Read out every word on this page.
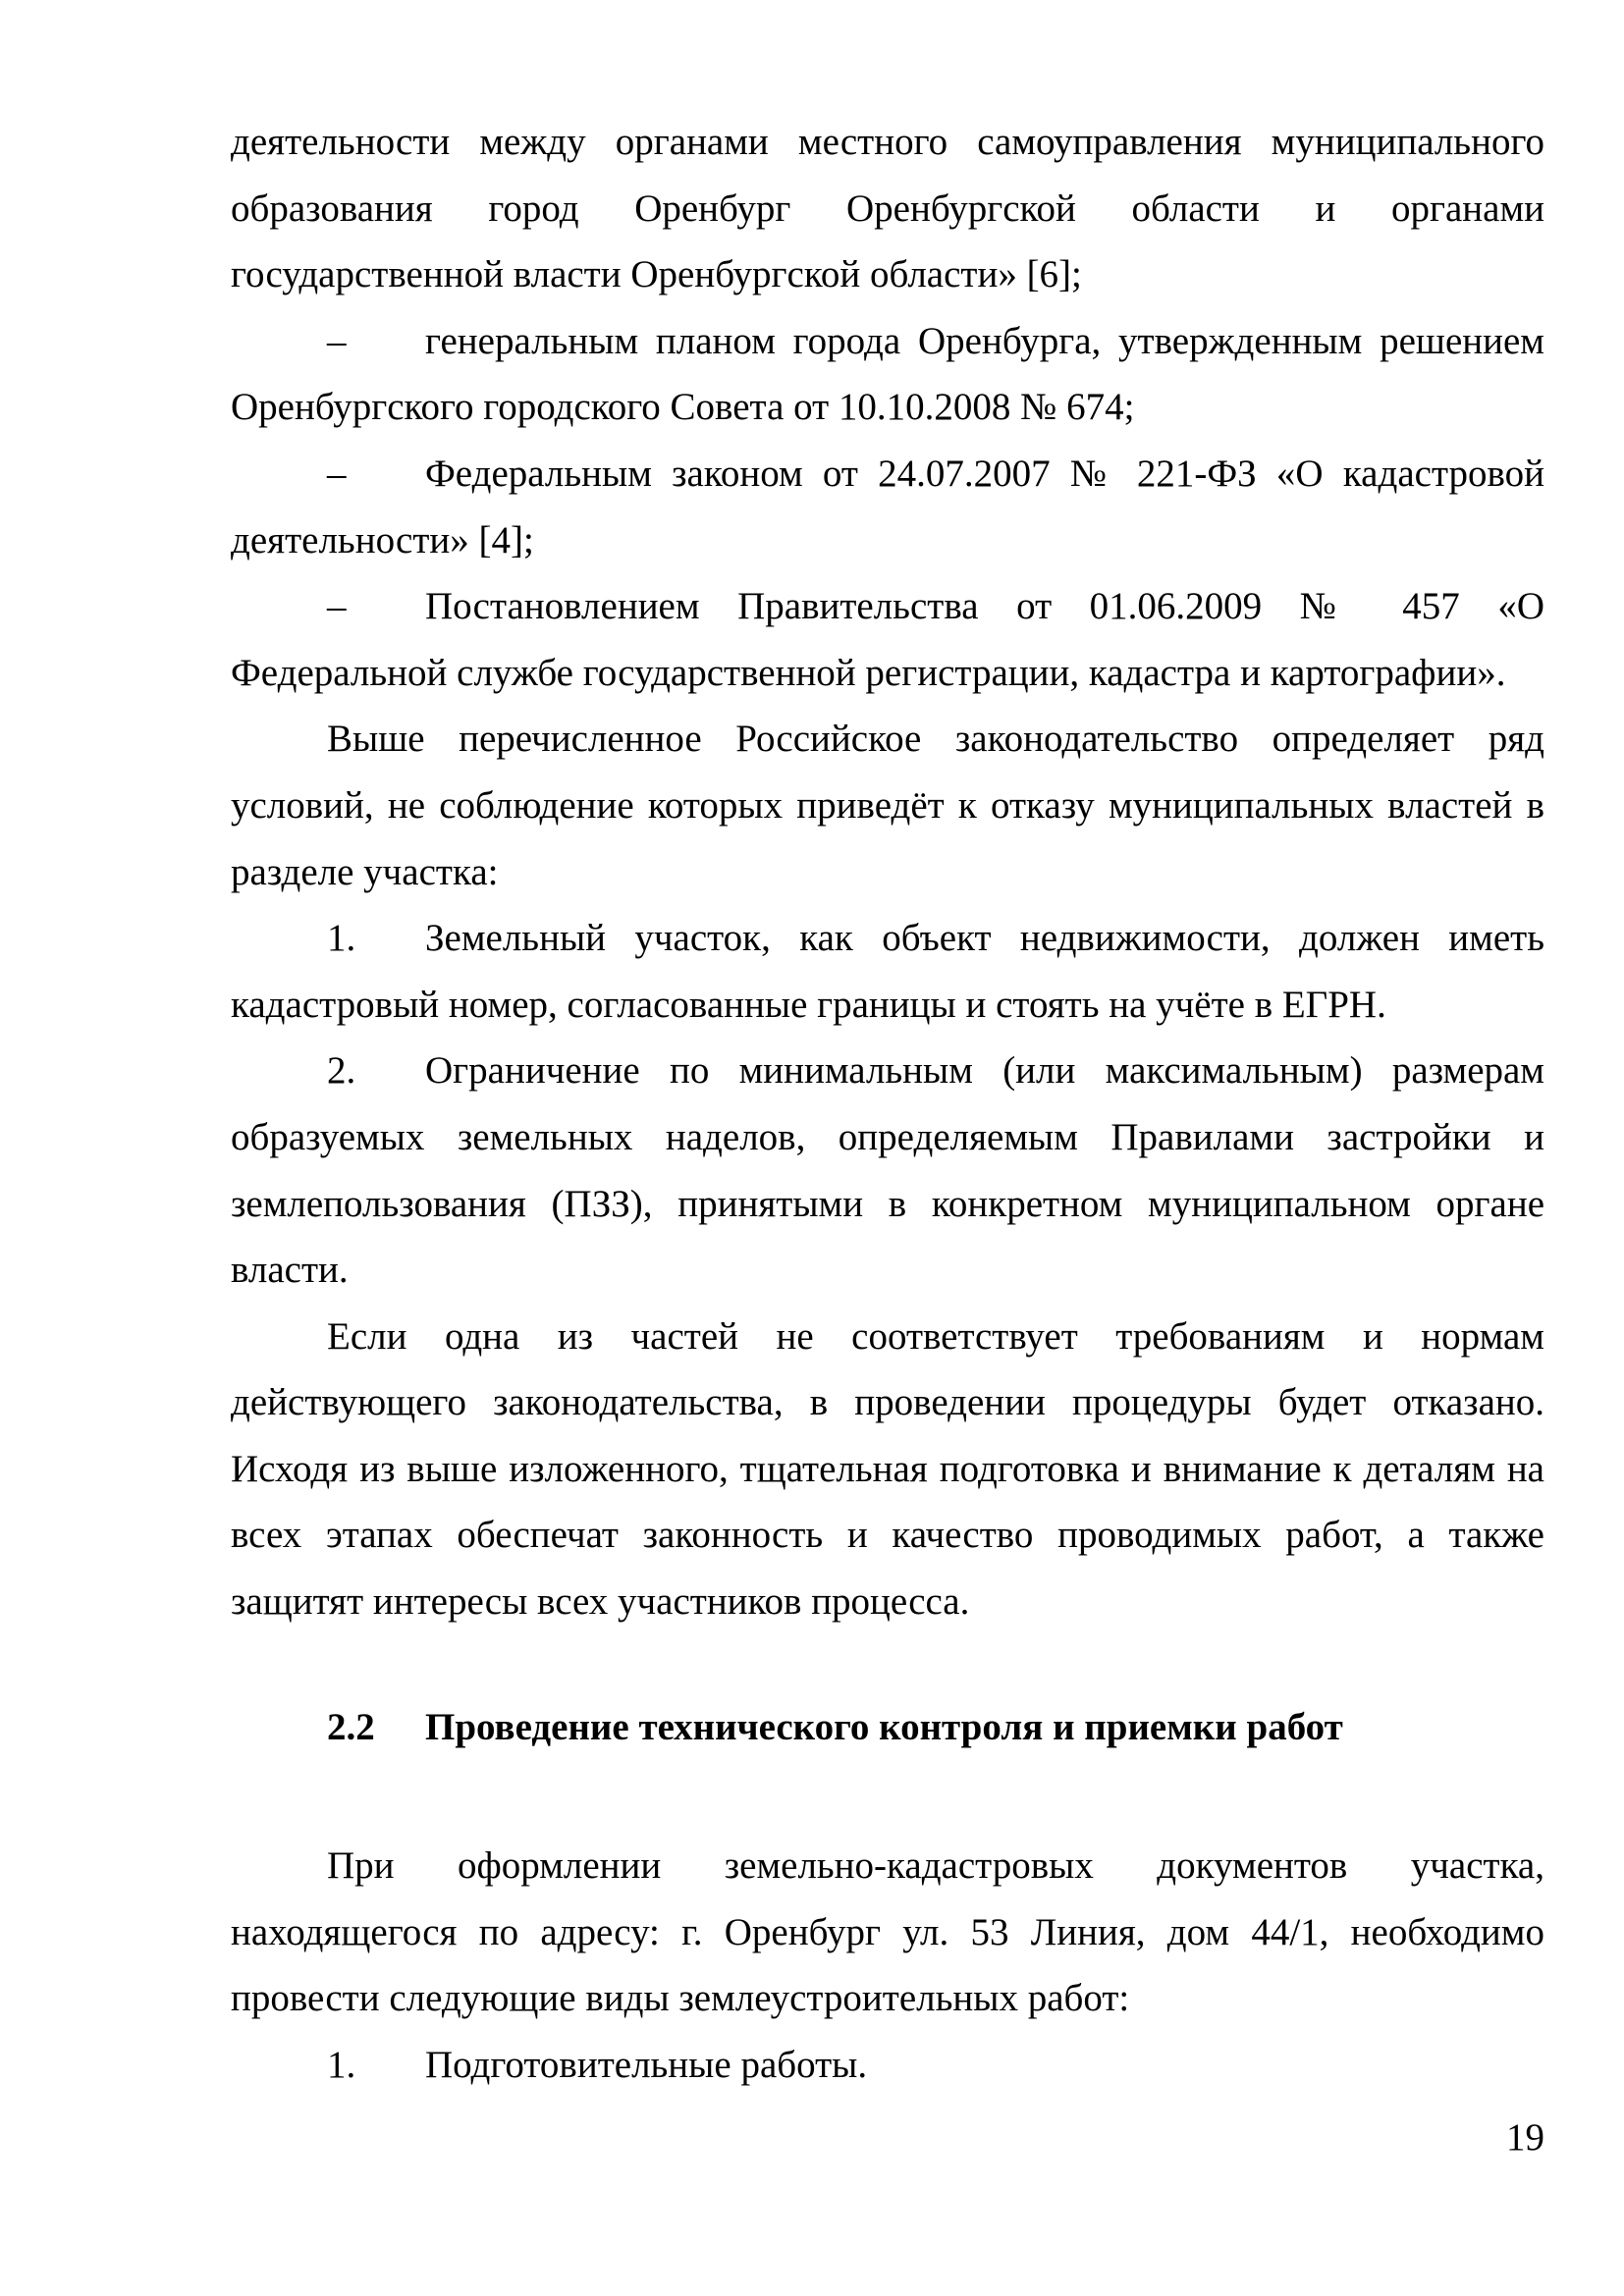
деятельности между органами местного самоуправления муниципального образования город Оренбург Оренбургской области и органами государственной власти Оренбургской области» [6];

– генеральным планом города Оренбурга, утвержденным решением Оренбургского городского Совета от 10.10.2008 № 674;

– Федеральным законом от 24.07.2007 № 221-ФЗ «О кадастровой деятельности» [4];

– Постановлением Правительства от 01.06.2009 № 457 «О Федеральной службе государственной регистрации, кадастра и картографии».

Выше перечисленное Российское законодательство определяет ряд условий, не соблюдение которых приведёт к отказу муниципальных властей в разделе участка:

1. Земельный участок, как объект недвижимости, должен иметь кадастровый номер, согласованные границы и стоять на учёте в ЕГРН.

2. Ограничение по минимальным (или максимальным) размерам образуемых земельных наделов, определяемым Правилами застройки и землепользования (ПЗЗ), принятыми в конкретном муниципальном органе власти.

Если одна из частей не соответствует требованиям и нормам действующего законодательства, в проведении процедуры будет отказано. Исходя из выше изложенного, тщательная подготовка и внимание к деталям на всех этапах обеспечат законность и качество проводимых работ, а также защитят интересы всех участников процесса.

2.2 Проведение технического контроля и приемки работ

При оформлении земельно-кадастровых документов участка, находящегося по адресу: г. Оренбург ул. 53 Линия, дом 44/1, необходимо провести следующие виды землеустроительных работ:

1. Подготовительные работы.

19
